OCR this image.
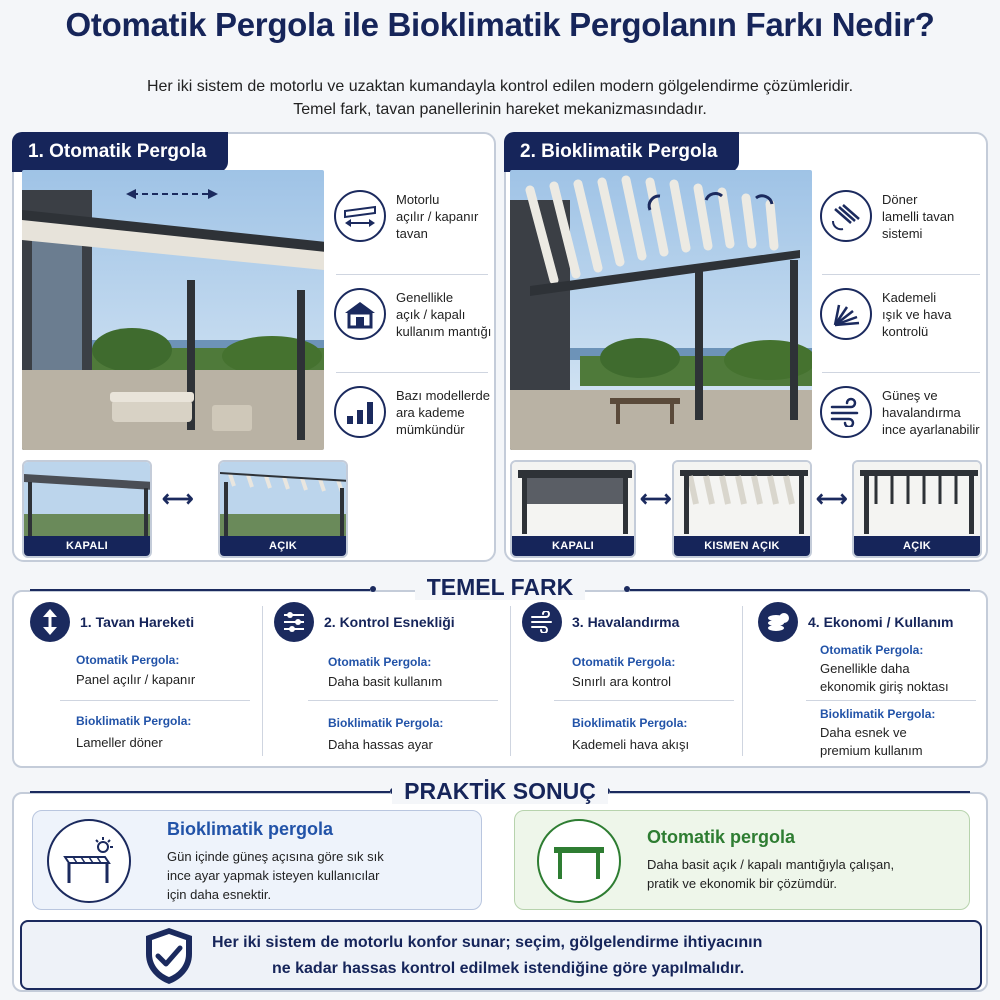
Otomatik Pergola ile Bioklimatik Pergolanın Farkı Nedir?
Her iki sistem de motorlu ve uzaktan kumandayla kontrol edilen modern gölgelendirme çözümleridir.
Temel fark, tavan panellerinin hareket mekanizmasındadır.
1. Otomatik Pergola
Motorlu
açılır / kapanır
tavan
Genellikle
açık / kapalı
kullanım mantığı
Bazı modellerde
ara kademe
mümkündür
KAPALI
⟷
AÇIK
2. Bioklimatik Pergola
Döner
lamelli tavan
sistemi
Kademeli
ışık ve hava
kontrolü
Güneş ve
havalandırma
ince ayarlanabilir
KAPALI
⟷
KISMEN AÇIK
⟷
AÇIK
TEMEL FARK
1. Tavan Hareketi
Otomatik Pergola:
Panel açılır / kapanır
Bioklimatik Pergola:
Lameller döner
2. Kontrol Esnekliği
Otomatik Pergola:
Daha basit kullanım
Bioklimatik Pergola:
Daha hassas ayar
3. Havalandırma
Otomatik Pergola:
Sınırlı ara kontrol
Bioklimatik Pergola:
Kademeli hava akışı
4. Ekonomi / Kullanım
Otomatik Pergola:
Genellikle daha
ekonomik giriş noktası
Bioklimatik Pergola:
Daha esnek ve
premium kullanım
PRAKTİK SONUÇ
Bioklimatik pergola
Gün içinde güneş açısına göre sık sık
ince ayar yapmak isteyen kullanıcılar
için daha esnektir.
Otomatik pergola
Daha basit açık / kapalı mantığıyla çalışan,
pratik ve ekonomik bir çözümdür.
Her iki sistem de motorlu konfor sunar; seçim, gölgelendirme ihtiyacının
ne kadar hassas kontrol edilmek istendiğine göre yapılmalıdır.
